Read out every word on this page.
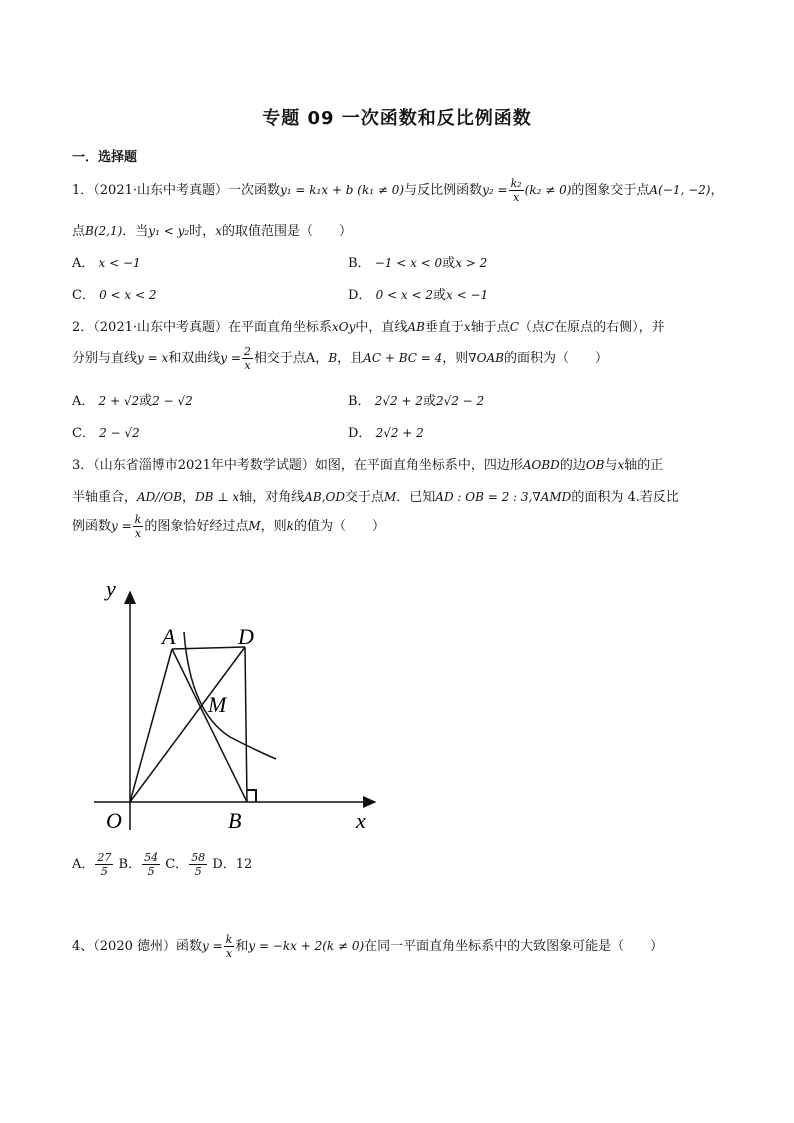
专题 09 一次函数和反比例函数
一．选择题
1．（2021·山东中考真题）一次函数y₁ = k₁x + b (k₁ ≠ 0)与反比例函数$y_2 = \frac{\text{k₂}}{x} (k_2 \ne 0)$的图象交于点A(−1, −2)，
点B(2,1)．当y₁ < y₂时，x的取值范围是（　　）
A． x < −1	B． −1 < x < 0或x > 2
C． 0 < x < 2	D． 0 < x < 2或x < −1
2．（2021·山东中考真题）在平面直角坐标系xOy中，直线AB垂直于x轴于点C（点C在原点的右侧），并
分别与直线y = x和双曲线$y = \frac{2}{x}$ 相交于点A，B，且AC + BC = 4，则∇OAB的面积为（　　）
A． 2 + √2或2 − √2	B． 2√2 + 2或2√2 − 2
C． 2 − √2	D． 2√2 + 2
3．（山东省淄博市2021年中考数学试题）如图，在平面直角坐标系中，四边形AOBD的边OB与x轴的正
半轴重合，AD//OB，DB ⊥ x轴，对角线AB,OD交于点M．已知AD : OB = 2 : 3,∇AMD的面积为 4.若反比
例函数$y = \frac{k}{x}$ 的图象恰好经过点M，则k的值为（　　）
y
x
O
A	D
M
B
A． $\frac{27}{5}$ B． $\frac{54}{5}$ C． $\frac{58}{5}$ D．12
4、（2020 德州）函数$y = \frac{k}{x}$ 和y = −kx + 2(k ≠ 0)在同一平面直角坐标系中的大致图象可能是（　　）
